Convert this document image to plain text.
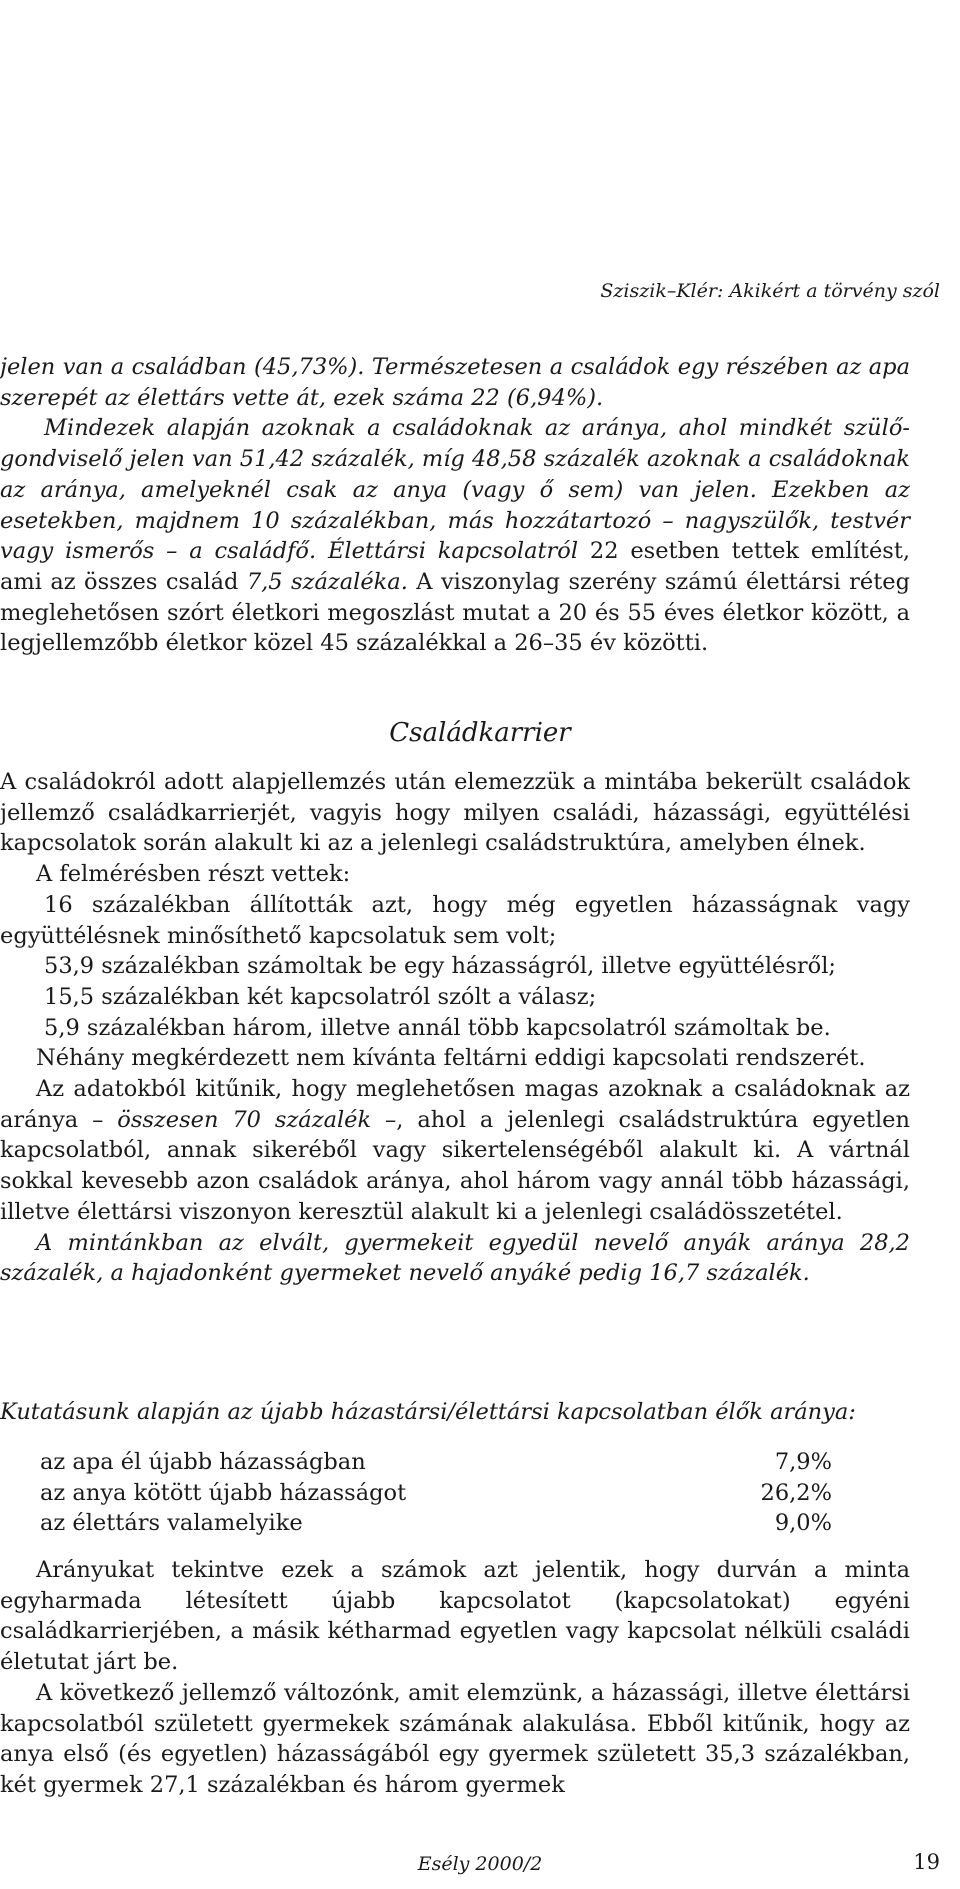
Sziszik–Klér: Akikért a törvény szól

jelen van a családban (45,73%). Természetesen a családok egy részében az apa szerepét az élettárs vette át, ezek száma 22 (6,94%).

Mindezek alapján azoknak a családoknak az aránya, ahol mindkét szülő-gondviselő jelen van 51,42 százalék, míg 48,58 százalék azoknak a családoknak az aránya, amelyeknél csak az anya (vagy ő sem) van jelen. Ezekben az esetekben, majdnem 10 százalékban, más hozzátartozó – nagyszülők, testvér vagy ismerős – a családfő. Élettársi kapcsolatról 22 esetben tettek említést, ami az összes család 7,5 százaléka. A viszonylag szerény számú élettársi réteg meglehetősen szórt életkori megoszlást mutat a 20 és 55 éves életkor között, a legjellemzőbb életkor közel 45 százalékkal a 26–35 év közötti.

Családkarrier

A családokról adott alapjellemzés után elemezzük a mintába bekerült családok jellemző családkarrierjét, vagyis hogy milyen családi, házassági, együttélési kapcsolatok során alakult ki az a jelenlegi családstruktúra, amelyben élnek.

A felmérésben részt vettek:

16 százalékban állították azt, hogy még egyetlen házasságnak vagy együttélésnek minősíthető kapcsolatuk sem volt;

53,9 százalékban számoltak be egy házasságról, illetve együttélésről;

15,5 százalékban két kapcsolatról szólt a válasz;

5,9 százalékban három, illetve annál több kapcsolatról számoltak be.

Néhány megkérdezett nem kívánta feltárni eddigi kapcsolati rendszerét.

Az adatokból kitűnik, hogy meglehetősen magas azoknak a családoknak az aránya – összesen 70 százalék –, ahol a jelenlegi családstruktúra egyetlen kapcsolatból, annak sikeréből vagy sikertelenségéből alakult ki. A vártnál sokkal kevesebb azon családok aránya, ahol három vagy annál több házassági, illetve élettársi viszonyon keresztül alakult ki a jelenlegi családösszetétel.

A mintánkban az elvált, gyermekeit egyedül nevelő anyák aránya 28,2 százalék, a hajadonként gyermeket nevelő anyáké pedig 16,7 százalék.

Kutatásunk alapján az újabb házastársi/élettársi kapcsolatban élők aránya:
az apa él újabb házasságban	7,9%
az anya kötött újabb házasságot	26,2%
az élettárs valamelyike	9,0%

Arányukat tekintve ezek a számok azt jelentik, hogy durván a minta egyharmada létesített újabb kapcsolatot (kapcsolatokat) egyéni családkarrierjében, a másik kétharmad egyetlen vagy kapcsolat nélküli családi életutat járt be.

A következő jellemző változónk, amit elemzünk, a házassági, illetve élettársi kapcsolatból született gyermekek számának alakulása. Ebből kitűnik, hogy az anya első (és egyetlen) házasságából egy gyermek született 35,3 százalékban, két gyermek 27,1 százalékban és három gyermek

Esély 2000/2	19
